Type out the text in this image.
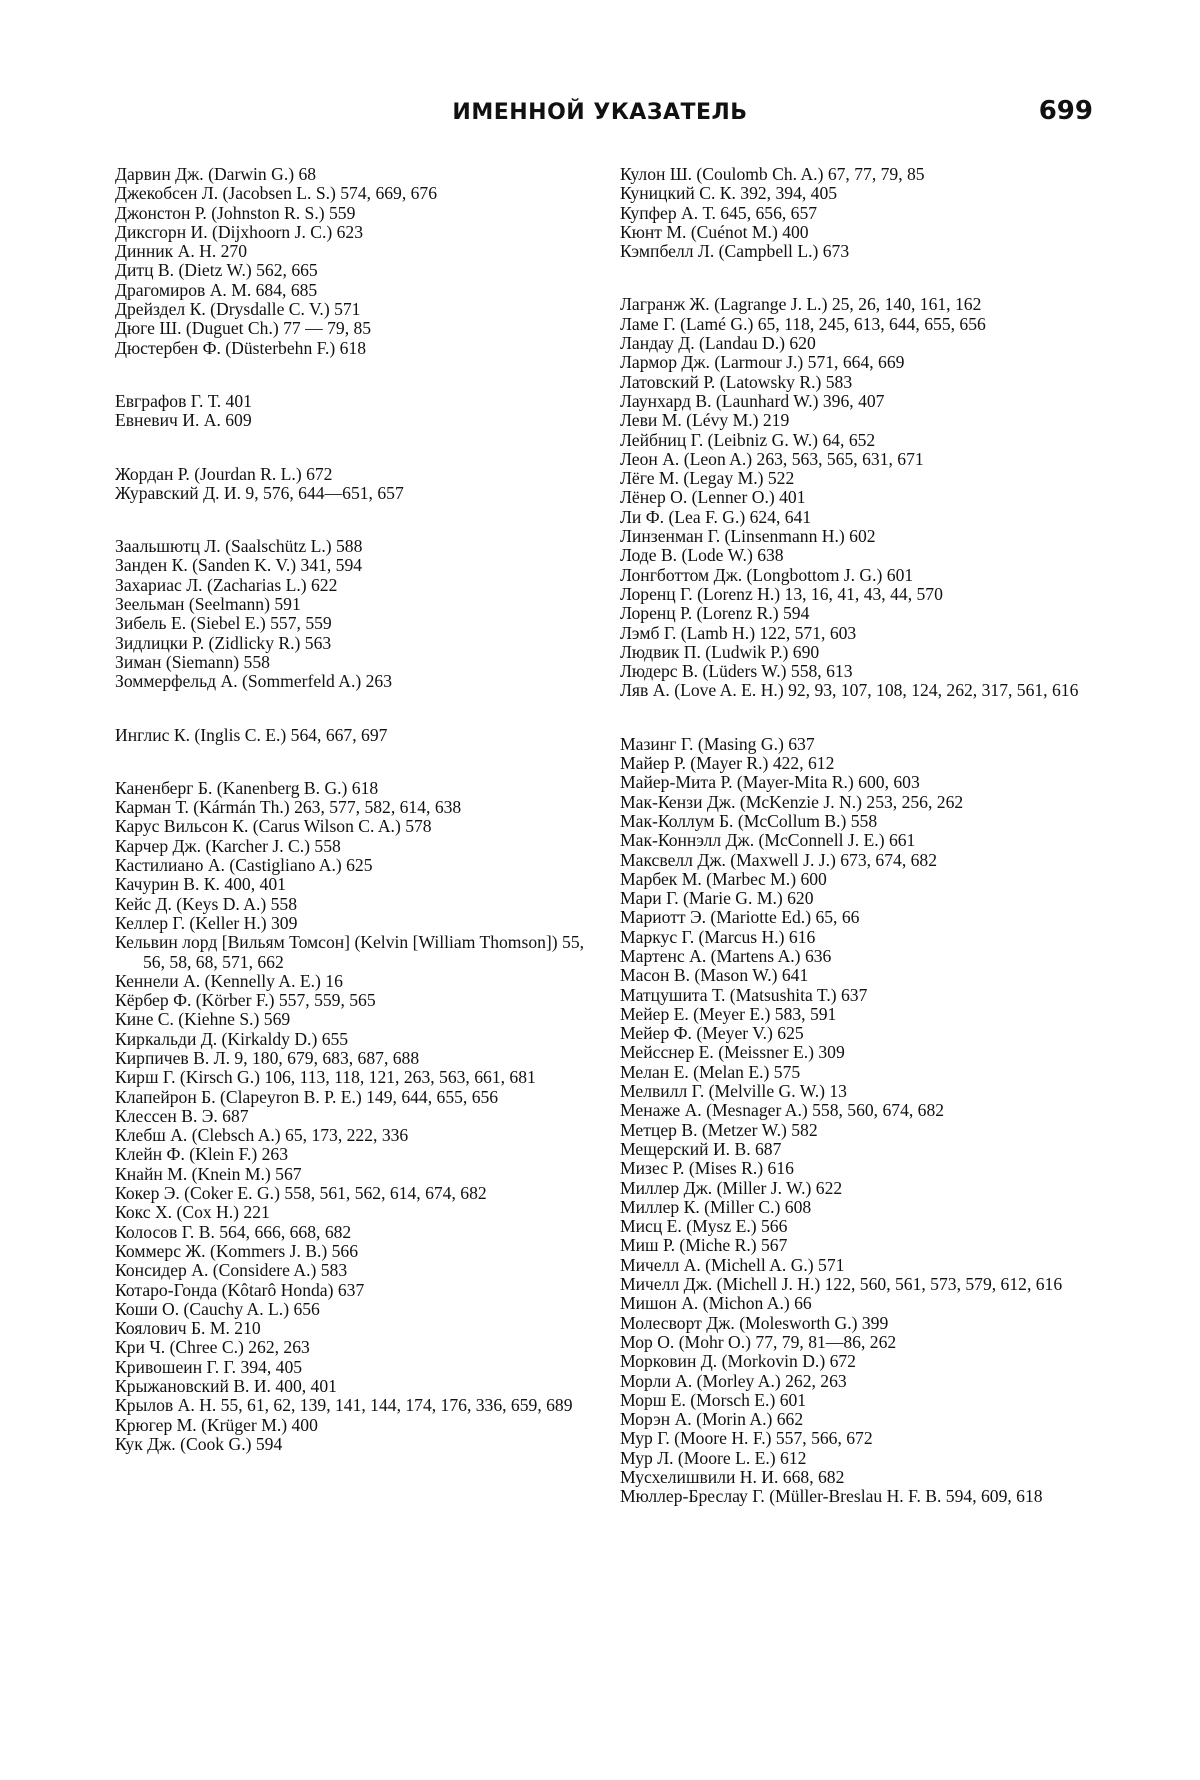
ИМЕННОЙ УКАЗАТЕЛЬ	699
Дарвин Дж. (Darwin G.) 68
Джекобсен Л. (Jacobsen L. S.) 574, 669, 676
Джонстон Р. (Johnston R. S.) 559
Диксгорн И. (Dijxhoorn J. C.) 623
Динник А. Н. 270
Дитц В. (Dietz W.) 562, 665
Драгомиров А. М. 684, 685
Дрейздел К. (Drysdalle C. V.) 571
Дюге Ш. (Duguet Ch.) 77 — 79, 85
Дюстербен Ф. (Düsterbehn F.) 618
Евграфов Г. Т. 401
Евневич И. А. 609
Жордан Р. (Jourdan R. L.) 672
Журавский Д. И. 9, 576, 644—651, 657
Заальшютц Л. (Saalschütz L.) 588
Занден К. (Sanden K. V.) 341, 594
Захариас Л. (Zacharias L.) 622
Зеельман (Seelmann) 591
Зибель Е. (Siebel E.) 557, 559
Зидлицки Р. (Zidlicky R.) 563
Зиман (Siemann) 558
Зоммерфельд А. (Sommerfeld A.) 263
Инглис К. (Inglis C. E.) 564, 667, 697
Каненберг Б. (Kanenberg B. G.) 618
Карман Т. (Kármán Th.) 263, 577, 582, 614, 638
Карус Вильсон К. (Carus Wilson C. A.) 578
Карчер Дж. (Karcher J. C.) 558
Кастилиано А. (Castigliano A.) 625
Качурин В. К. 400, 401
Кейс Д. (Keys D. A.) 558
Келлер Г. (Keller H.) 309
Кельвин лорд [Вильям Томсон] (Kelvin [William Thomson]) 55, 56, 58, 68, 571, 662
Кеннели А. (Kennelly A. E.) 16
Кёрбер Ф. (Körber F.) 557, 559, 565
Кине С. (Kiehne S.) 569
Киркальди Д. (Kirkaldy D.) 655
Кирпичев В. Л. 9, 180, 679, 683, 687, 688
Кирш Г. (Kirsch G.) 106, 113, 118, 121, 263, 563, 661, 681
Клапейрон Б. (Clapeyron B. P. E.) 149, 644, 655, 656
Клессен В. Э. 687
Клебш А. (Clebsch A.) 65, 173, 222, 336
Клейн Ф. (Klein F.) 263
Кнайн М. (Knein M.) 567
Кокер Э. (Coker E. G.) 558, 561, 562, 614, 674, 682
Кокс Х. (Cox H.) 221
Колосов Г. В. 564, 666, 668, 682
Коммерс Ж. (Kommers J. B.) 566
Консидер А. (Considere A.) 583
Котаро-Гонда (Kôtarô Honda) 637
Коши О. (Cauchy A. L.) 656
Коялович Б. М. 210
Кри Ч. (Chree C.) 262, 263
Кривошеин Г. Г. 394, 405
Крыжановский В. И. 400, 401
Крылов А. Н. 55, 61, 62, 139, 141, 144, 174, 176, 336, 659, 689
Крюгер М. (Krüger M.) 400
Кук Дж. (Cook G.) 594
Кулон Ш. (Coulomb Ch. A.) 67, 77, 79, 85
Куницкий С. К. 392, 394, 405
Купфер А. Т. 645, 656, 657
Кюнт М. (Cuénot M.) 400
Кэмпбелл Л. (Campbell L.) 673
Лагранж Ж. (Lagrange J. L.) 25, 26, 140, 161, 162
Ламе Г. (Lamé G.) 65, 118, 245, 613, 644, 655, 656
Ландау Д. (Landau D.) 620
Лармор Дж. (Larmour J.) 571, 664, 669
Латовский Р. (Latowsky R.) 583
Лаунхард В. (Launhard W.) 396, 407
Леви М. (Lévy M.) 219
Лейбниц Г. (Leibniz G. W.) 64, 652
Леон А. (Leon A.) 263, 563, 565, 631, 671
Лёге М. (Legay M.) 522
Лёнер О. (Lenner O.) 401
Ли Ф. (Lea F. G.) 624, 641
Линзенман Г. (Linsenmann H.) 602
Лоде В. (Lode W.) 638
Лонгботтом Дж. (Longbottom J. G.) 601
Лоренц Г. (Lorenz H.) 13, 16, 41, 43, 44, 570
Лоренц Р. (Lorenz R.) 594
Лэмб Г. (Lamb H.) 122, 571, 603
Людвик П. (Ludwik P.) 690
Людерс В. (Lüders W.) 558, 613
Ляв А. (Love A. E. H.) 92, 93, 107, 108, 124, 262, 317, 561, 616
Мазинг Г. (Masing G.) 637
Майер Р. (Mayer R.) 422, 612
Майер-Мита Р. (Mayer-Mita R.) 600, 603
Мак-Кензи Дж. (McKenzie J. N.) 253, 256, 262
Мак-Коллум Б. (McCollum B.) 558
Мак-Коннэлл Дж. (McConnell J. E.) 661
Максвелл Дж. (Maxwell J. J.) 673, 674, 682
Марбек М. (Marbec M.) 600
Мари Г. (Marie G. M.) 620
Мариотт Э. (Mariotte Ed.) 65, 66
Маркус Г. (Marcus H.) 616
Мартенс А. (Martens A.) 636
Масон В. (Mason W.) 641
Матцушита Т. (Matsushita T.) 637
Мейер Е. (Meyer E.) 583, 591
Мейер Ф. (Meyer V.) 625
Мейсснер Е. (Meissner E.) 309
Мелан Е. (Melan E.) 575
Мелвилл Г. (Melville G. W.) 13
Менаже А. (Mesnager A.) 558, 560, 674, 682
Метцер В. (Metzer W.) 582
Мещерский И. В. 687
Мизес Р. (Mises R.) 616
Миллер Дж. (Miller J. W.) 622
Миллер К. (Miller C.) 608
Мисц Е. (Mysz E.) 566
Миш Р. (Miche R.) 567
Мичелл А. (Michell A. G.) 571
Мичелл Дж. (Michell J. H.) 122, 560, 561, 573, 579, 612, 616
Мишон А. (Michon A.) 66
Молесворт Дж. (Molesworth G.) 399
Мор О. (Mohr O.) 77, 79, 81—86, 262
Морковин Д. (Morkovin D.) 672
Морли А. (Morley A.) 262, 263
Морш Е. (Morsch E.) 601
Морэн А. (Morin A.) 662
Мур Г. (Moore H. F.) 557, 566, 672
Мур Л. (Moore L. E.) 612
Мусхелишвили Н. И. 668, 682
Мюллер-Бреслау Г. (Müller-Breslau H. F. B. 594, 609, 618
